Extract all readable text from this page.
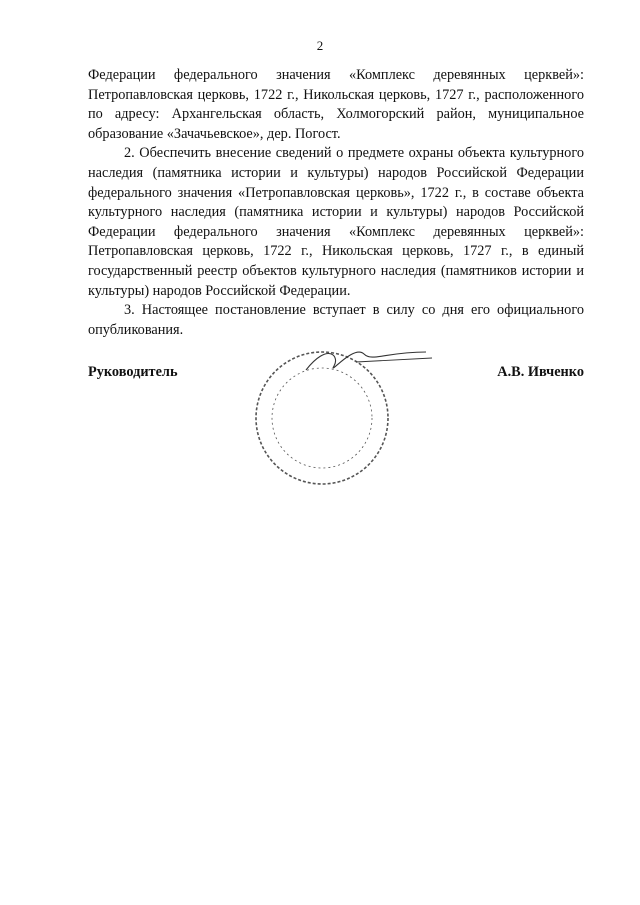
2

Федерации федерального значения «Комплекс деревянных церквей»: Петропавловская церковь, 1722 г., Никольская церковь, 1727 г., расположенного по адресу: Архангельская область, Холмогорский район, муниципальное образование «Зачачьевское», дер. Погост.

2. Обеспечить внесение сведений о предмете охраны объекта культурного наследия (памятника истории и культуры) народов Российской Федерации федерального значения «Петропавловская церковь», 1722 г., в составе объекта культурного наследия (памятника истории и культуры) народов Российской Федерации федерального значения «Комплекс деревянных церквей»: Петропавловская церковь, 1722 г., Никольская церковь, 1727 г., в единый государственный реестр объектов культурного наследия (памятников истории и культуры) народов Российской Федерации.

3. Настоящее постановление вступает в силу со дня его официального опубликования.

Руководитель	А.В. Ивченко
